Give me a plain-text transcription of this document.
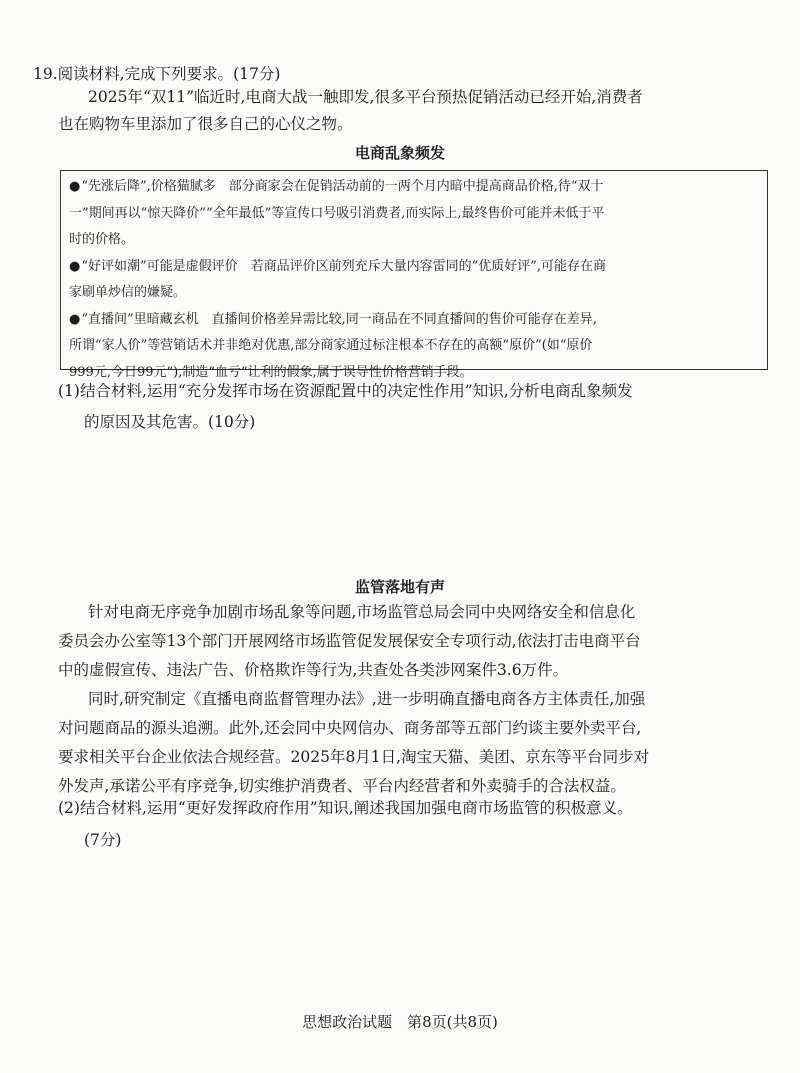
19.阅读材料,完成下列要求。(17分)
2025年“双11”临近时,电商大战一触即发,很多平台预热促销活动已经开始,消费者
也在购物车里添加了很多自己的心仪之物。
电商乱象频发

● “先涨后降”,价格猫腻多　部分商家会在促销活动前的一两个月内暗中提高商品价格,待“双十

一”期间再以“惊天降价”“全年最低”等宣传口号吸引消费者,而实际上,最终售价可能并未低于平

时的价格。

● “好评如潮”可能是虚假评价　若商品评价区前列充斥大量内容雷同的“优质好评”,可能存在商

家刷单炒信的嫌疑。

● “直播间”里暗藏玄机　直播间价格差异需比较,同一商品在不同直播间的售价可能存在差异,

所谓“家人价”等营销话术并非绝对优惠,部分商家通过标注根本不存在的高额“原价”(如“原价

999元,今日99元”),制造“血亏”让利的假象,属于误导性价格营销手段。

(1)结合材料,运用“充分发挥市场在资源配置中的决定性作用”知识,分析电商乱象频发
的原因及其危害。(10分)
监管落地有声
针对电商无序竞争加剧市场乱象等问题,市场监管总局会同中央网络安全和信息化
委员会办公室等13个部门开展网络市场监管促发展保安全专项行动,依法打击电商平台
中的虚假宣传、违法广告、价格欺诈等行为,共查处各类涉网案件3.6万件。
同时,研究制定《直播电商监督管理办法》,进一步明确直播电商各方主体责任,加强
对问题商品的源头追溯。此外,还会同中央网信办、商务部等五部门约谈主要外卖平台,
要求相关平台企业依法合规经营。2025年8月1日,淘宝天猫、美团、京东等平台同步对
外发声,承诺公平有序竞争,切实维护消费者、平台内经营者和外卖骑手的合法权益。
(2)结合材料,运用“更好发挥政府作用”知识,阐述我国加强电商市场监管的积极意义。
(7分)
思想政治试题　第8页(共8页)
